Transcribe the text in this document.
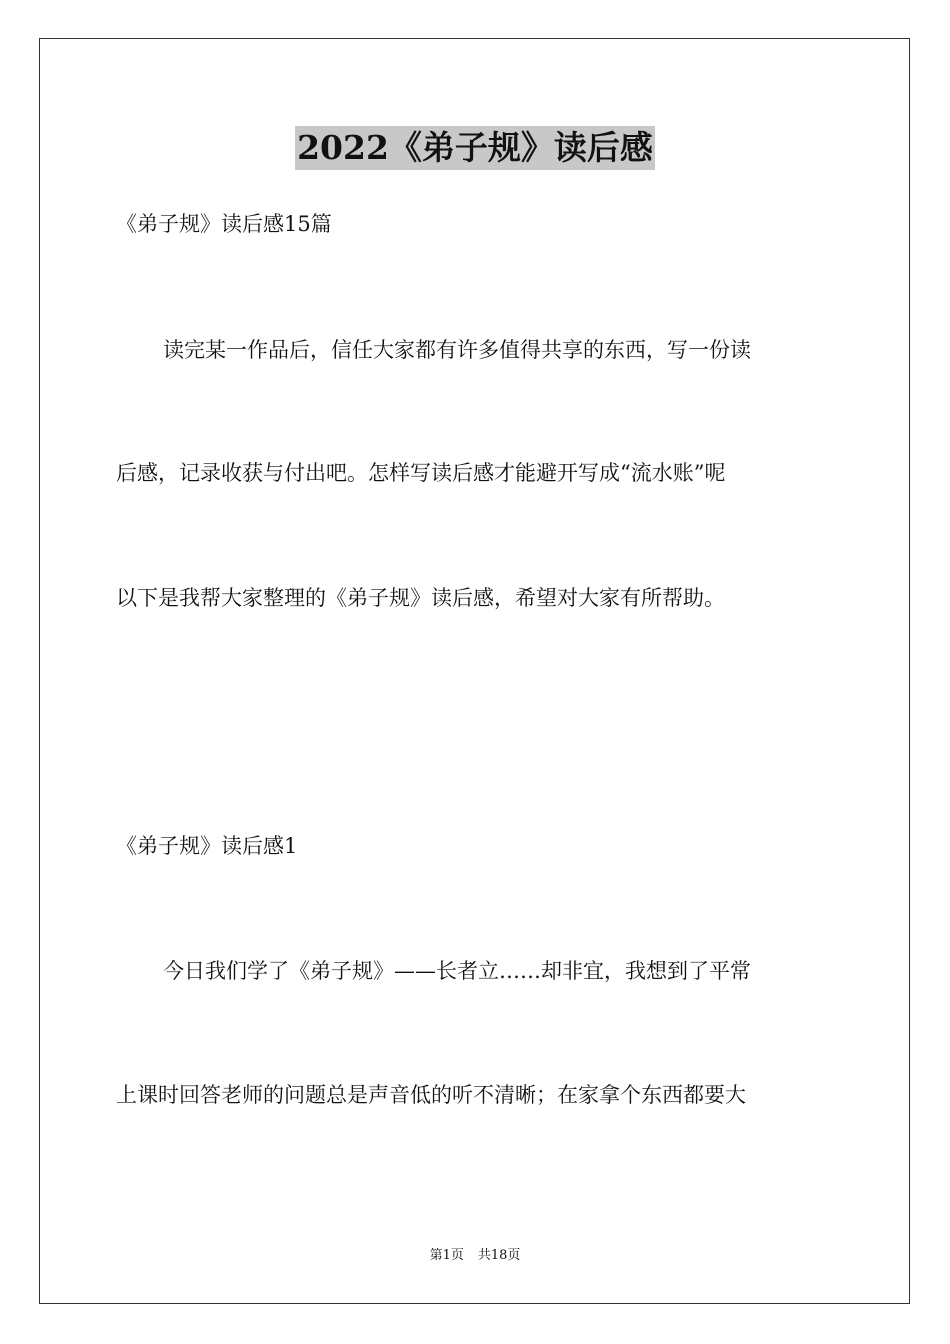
2022《弟子规》读后感
《弟子规》读后感15篇
读完某一作品后，信任大家都有许多值得共享的东西，写一份读
后感，记录收获与付出吧。怎样写读后感才能避开写成“流水账”呢
以下是我帮大家整理的《弟子规》读后感，希望对大家有所帮助。
《弟子规》读后感1
今日我们学了《弟子规》——长者立……却非宜，我想到了平常
上课时回答老师的问题总是声音低的听不清晰；在家拿个东西都要大
第1页 共18页
